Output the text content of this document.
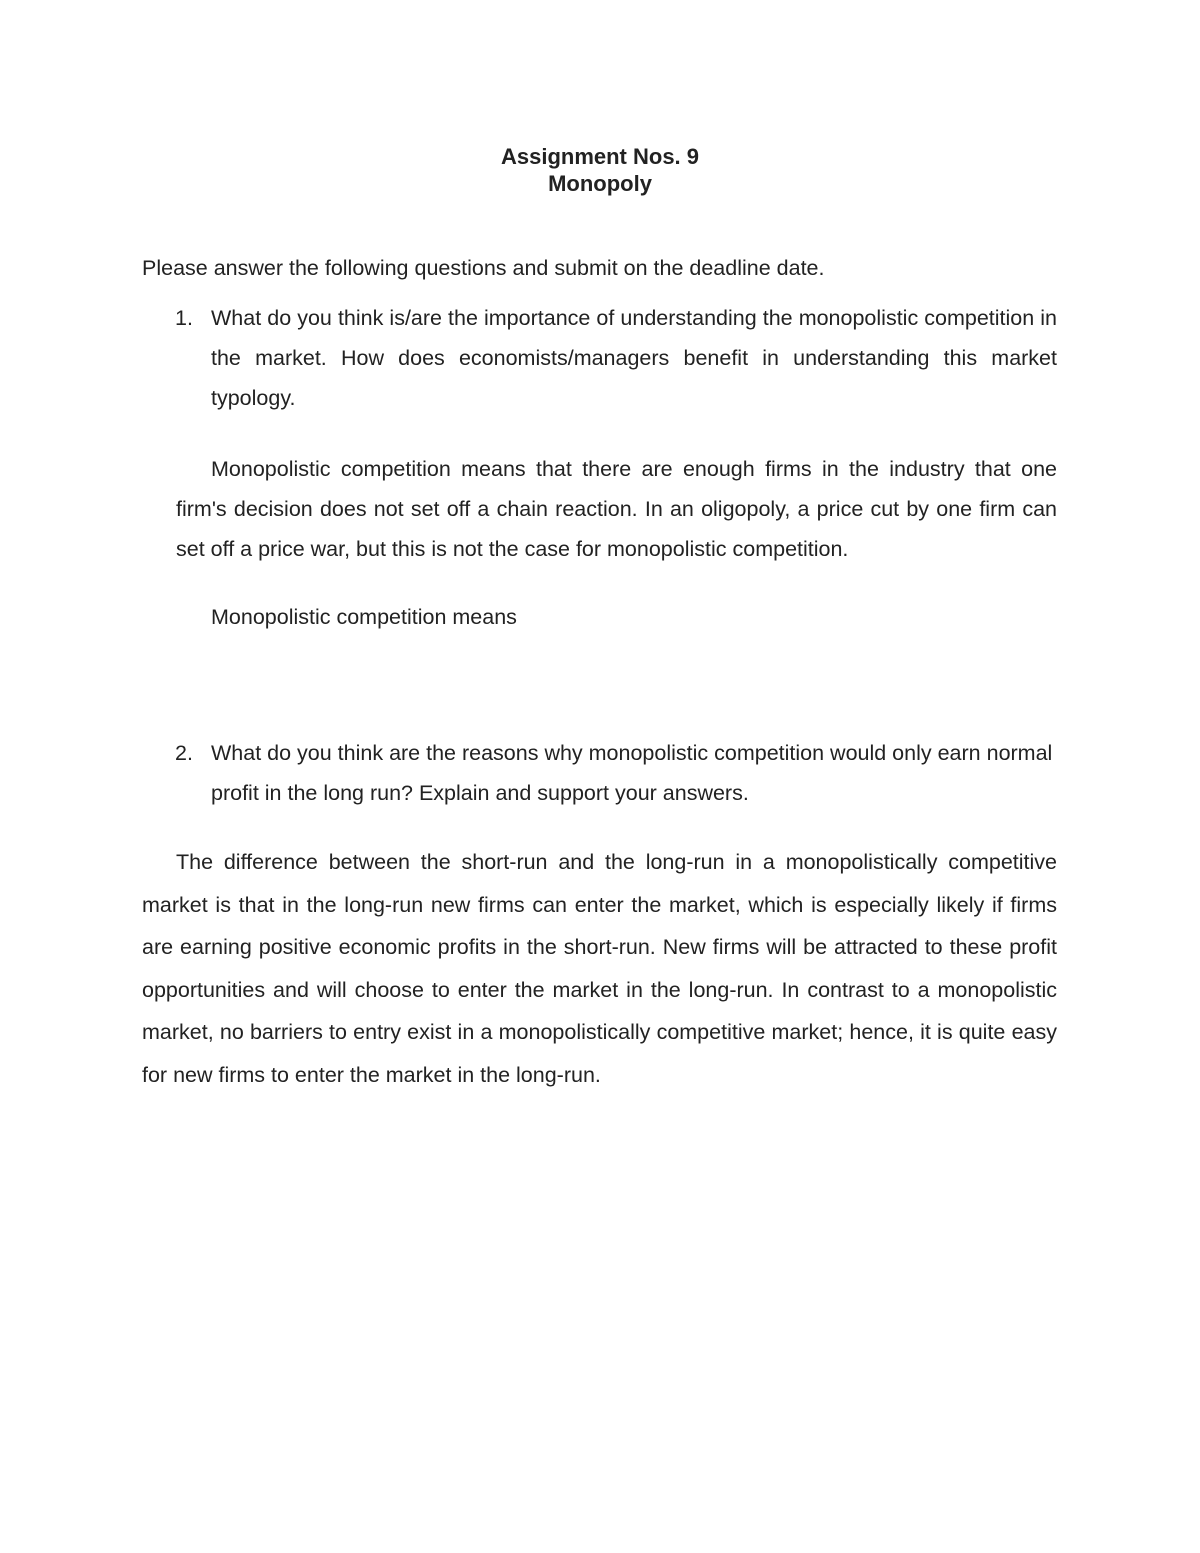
Assignment Nos. 9
Monopoly
Please answer the following questions and submit on the deadline date.
1. What do you think is/are the importance of understanding the monopolistic competition in the market. How does economists/managers benefit in understanding this market typology.
Monopolistic competition means that there are enough firms in the industry that one firm's decision does not set off a chain reaction. In an oligopoly, a price cut by one firm can set off a price war, but this is not the case for monopolistic competition.
Monopolistic competition means
2. What do you think are the reasons why monopolistic competition would only earn normal profit in the long run? Explain and support your answers.
The difference between the short-run and the long-run in a monopolistically competitive market is that in the long-run new firms can enter the market, which is especially likely if firms are earning positive economic profits in the short-run. New firms will be attracted to these profit opportunities and will choose to enter the market in the long-run. In contrast to a monopolistic market, no barriers to entry exist in a monopolistically competitive market; hence, it is quite easy for new firms to enter the market in the long-run.
